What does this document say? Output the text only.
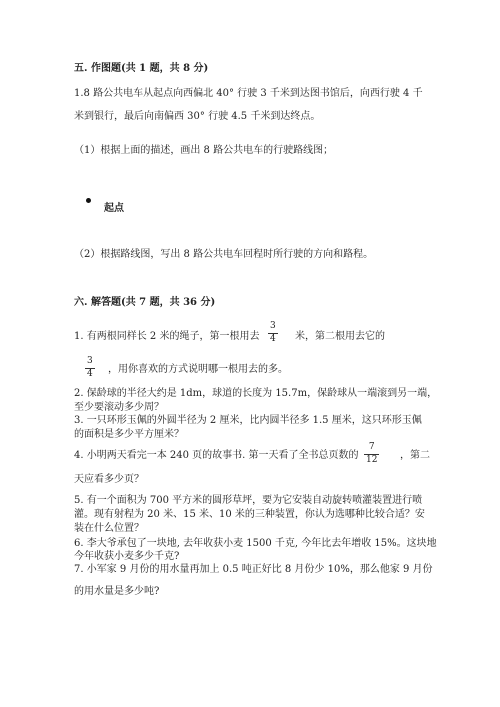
五. 作图题(共 1 题，共 8 分)
1.8 路公共电车从起点向西偏北 40° 行驶 3 千米到达图书馆后，向西行驶 4 千
米到银行，最后向南偏西 30° 行驶 4.5 千米到达终点。
（1）根据上面的描述，画出 8 路公共电车的行驶路线图；
起点
（2）根据路线图，写出 8 路公共电车回程时所行驶的方向和路程。
六. 解答题(共 7 题，共 36 分)
1. 有两根同样长 2 米的绳子，第一根用去
3
4 米，第二根用去它的
3
4 ，用你喜欢的方式说明哪一根用去的多。
2. 保龄球的半径大约是 1dm，球道的长度为 15.7m，保龄球从一端滚到另一端，
至少要滚动多少周？
3. 一只环形玉佩的外圆半径为 2 厘米，比内圆半径多 1.5 厘米，这只环形玉佩
的面积是多少平方厘米？
4. 小明两天看完一本 240 页的故事书. 第一天看了全书总页数的
7
12 ，第二
天应看多少页？
5. 有一个面积为 700 平方米的圆形草坪，要为它安装自动旋转喷灌装置进行喷
灌。现有射程为 20 米、15 米、10 米的三种装置，你认为选哪种比较合适？安
装在什么位置？
6. 李大爷承包了一块地, 去年收获小麦 1500 千克, 今年比去年增收 15%。这块地
今年收获小麦多少千克?
7. 小军家 9 月份的用水量再加上 0.5 吨正好比 8 月份少 10%，那么他家 9 月份
的用水量是多少吨?
